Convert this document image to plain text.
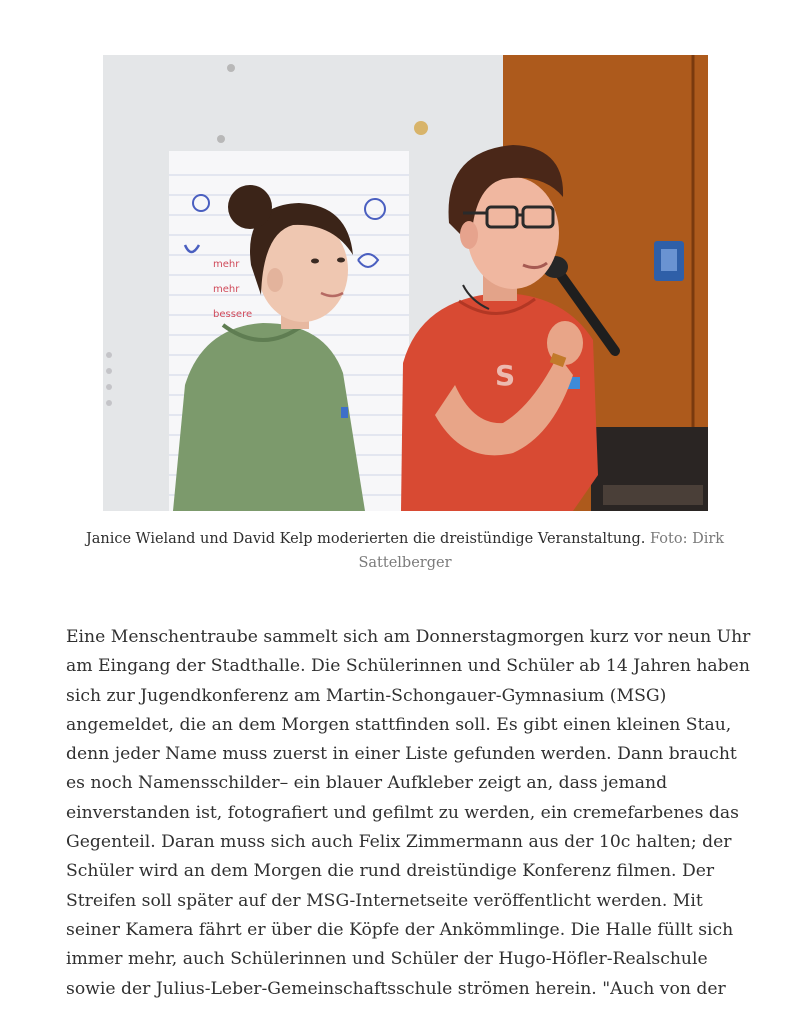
mehr
mehr
bessere
S
Janice Wieland und David Kelp moderierten die dreistündige Veranstaltung. Foto: Dirk Sattelberger

Eine Menschentraube sammelt sich am Donnerstagmorgen kurz vor neun Uhr am Eingang der Stadthalle. Die Schülerinnen und Schüler ab 14 Jahren haben sich zur Jugendkonferenz am Martin-Schongauer-Gymnasium (MSG) angemeldet, die an dem Morgen stattfinden soll. Es gibt einen kleinen Stau, denn jeder Name muss zuerst in einer Liste gefunden werden. Dann braucht es noch Namensschilder– ein blauer Aufkleber zeigt an, dass jemand einverstanden ist, fotografiert und gefilmt zu werden, ein cremefarbenes das Gegenteil. Daran muss sich auch Felix Zimmermann aus der 10c halten; der Schüler wird an dem Morgen die rund dreistündige Konferenz filmen. Der Streifen soll später auf der MSG-Internetseite veröffentlicht werden. Mit seiner Kamera fährt er über die Köpfe der Ankömmlinge. Die Halle füllt sich immer mehr, auch Schülerinnen und Schüler der Hugo-Höfler-Realschule sowie der Julius-Leber-Gemeinschaftsschule strömen herein. "Auch von der
